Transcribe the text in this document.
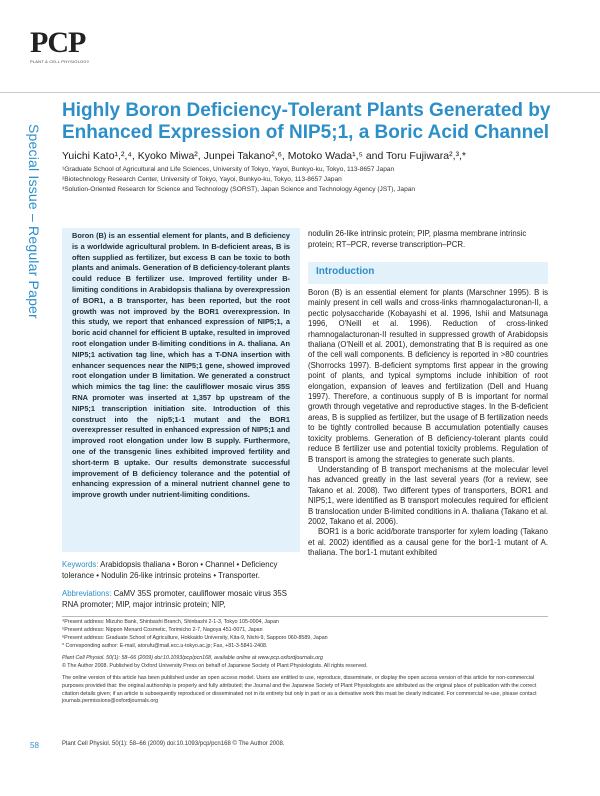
PCP
PLANT & CELL PHYSIOLOGY
Special Issue – Regular Paper
Highly Boron Deficiency-Tolerant Plants Generated by Enhanced Expression of NIP5;1, a Boric Acid Channel
Yuichi Kato¹,²,⁴, Kyoko Miwa², Junpei Takano²,⁶, Motoko Wada¹,⁵ and Toru Fujiwara²,³,*
¹Graduate School of Agricultural and Life Sciences, University of Tokyo, Yayoi, Bunkyo-ku, Tokyo, 113-8657 Japan
²Biotechnology Research Center, University of Tokyo, Yayoi, Bunkyo-ku, Tokyo, 113-8657 Japan
³Solution-Oriented Research for Science and Technology (SORST), Japan Science and Technology Agency (JST), Japan

Boron (B) is an essential element for plants, and B deficiency is a worldwide agricultural problem. In B-deficient areas, B is often supplied as fertilizer, but excess B can be toxic to both plants and animals. Generation of B deficiency-tolerant plants could reduce B fertilizer use. Improved fertility under B-limiting conditions in Arabidopsis thaliana by overexpression of BOR1, a B transporter, has been reported, but the root growth was not improved by the BOR1 overexpression. In this study, we report that enhanced expression of NIP5;1, a boric acid channel for efficient B uptake, resulted in improved root elongation under B-limiting conditions in A. thaliana. An NIP5;1 activation tag line, which has a T-DNA insertion with enhancer sequences near the NIP5;1 gene, showed improved root elongation under B limitation. We generated a construct which mimics the tag line: the cauliflower mosaic virus 35S RNA promoter was inserted at 1,357 bp upstream of the NIP5;1 transcription initiation site. Introduction of this construct into the nip5;1-1 mutant and the BOR1 overexpresser resulted in enhanced expression of NIP5;1 and improved root elongation under low B supply. Furthermore, one of the transgenic lines exhibited improved fertility and short-term B uptake. Our results demonstrate successful improvement of B deficiency tolerance and the potential of enhancing expression of a mineral nutrient channel gene to improve growth under nutrient-limiting conditions.

Keywords: Arabidopsis thaliana • Boron • Channel • Deficiency tolerance • Nodulin 26-like intrinsic proteins • Transporter.
Abbreviations: CaMV 35S promoter, cauliflower mosaic virus 35S RNA promoter; MIP, major intrinsic protein; NIP,
nodulin 26-like intrinsic protein; PIP, plasma membrane intrinsic protein; RT–PCR, reverse transcription–PCR.
Introduction

Boron (B) is an essential element for plants (Marschner 1995). B is mainly present in cell walls and cross-links rhamnogalacturonan-II, a pectic polysaccharide (Kobayashi et al. 1996, Ishii and Matsunaga 1996, O'Neill et al. 1996). Reduction of cross-linked rhamnogalacturonan-II resulted in suppressed growth of Arabidopsis thaliana (O'Neill et al. 2001), demonstrating that B is required as one of the cell wall components. B deficiency is reported in >80 countries (Shorrocks 1997). B-deficient symptoms first appear in the growing point of plants, and typical symptoms include inhibition of root elongation, expansion of leaves and fertilization (Dell and Huang 1997). Therefore, a continuous supply of B is important for normal growth through vegetative and reproductive stages. In the B-deficient areas, B is supplied as fertilizer, but the usage of B fertilization needs to be tightly controlled because B accumulation potentially causes toxicity problems. Generation of B deficiency-tolerant plants could reduce B fertilizer use and potential toxicity problems. Regulation of B transport is among the strategies to generate such plants.

Understanding of B transport mechanisms at the molecular level has advanced greatly in the last several years (for a review, see Takano et al. 2008). Two different types of transporters, BOR1 and NIP5;1, were identified as B transport molecules required for efficient B translocation under B-limited conditions in A. thaliana (Takano et al. 2002, Takano et al. 2006).

BOR1 is a boric acid/borate transporter for xylem loading (Takano et al. 2002) identified as a causal gene for the bor1-1 mutant of A. thaliana. The bor1-1 mutant exhibited

⁴Present address: Mizuho Bank, Shinbashi Branch, Shinbashi 2-1-3, Tokyo 105-0004, Japan
⁵Present address: Nippon Menard Cosmetic, Torimicho 2-7, Nagoya 451-0071, Japan
⁶Present address: Graduate School of Agriculture, Hokkaido University, Kita-9, Nishi-9, Sapporo 060-8589, Japan
* Corresponding author: E-mail, atorufu@mail.ecc.u-tokyo.ac.jp; Fax, +81-3-5841-2408.
Plant Cell Physiol. 50(1): 58–66 (2009) doi:10.1093/pcp/pcn168, available online at www.pcp.oxfordjournals.org
© The Author 2008. Published by Oxford University Press on behalf of Japanese Society of Plant Physiologists. All rights reserved.
The online version of this article has been published under an open access model. Users are entitled to use, reproduce, disseminate, or display the open access version of this article for non-commercial purposes provided that: the original authorship is properly and fully attributed; the Journal and the Japanese Society of Plant Physiologists are attributed as the original place of publication with the correct citation details given; if an article is subsequently reproduced or disseminated not in its entirety but only in part or as a derivative work this must be clearly indicated. For commercial re-use, please contact journals.permissions@oxfordjournals.org
58	Plant Cell Physiol. 50(1): 58–66 (2009) doi:10.1093/pcp/pcn168 © The Author 2008.
